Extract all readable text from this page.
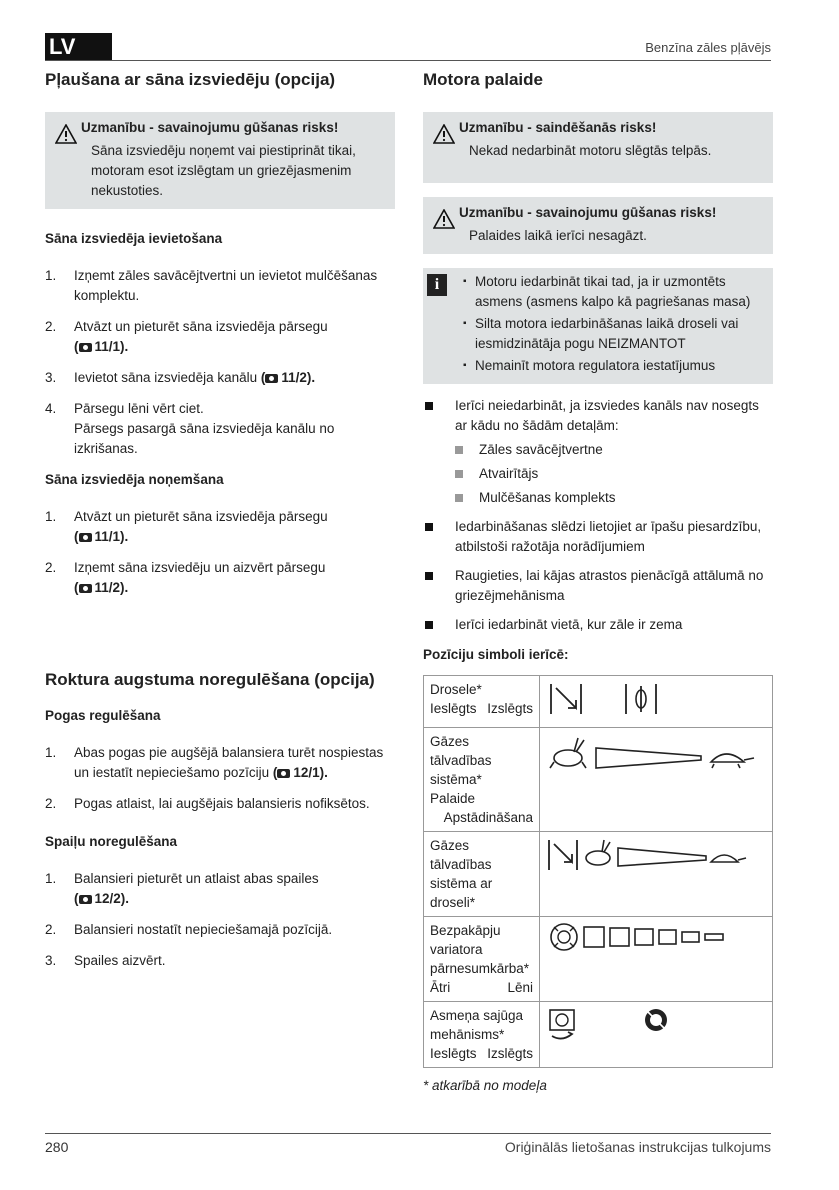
LV	Benzīna zāles pļāvējs
Pļaušana ar sāna izsviedēju (opcija)
Uzmanību - savainojumu gūšanas risks!
Sāna izsviedēju noņemt vai piestiprināt tikai, motoram esot izslēgtam un griezējasmenim nekustoties.
Sāna izsviedēja ievietošana
1. Izņemt zāles savācējtvertni un ievietot mulčēšanas komplektu.
2. Atvāzt un pieturēt sāna izsviedēja pārsegu
( 11/1).
3. Ievietot sāna izsviedēja kanālu ( 11/2).
4. Pārsegu lēni vērt ciet.
Pārsegs pasargā sāna izsviedēja kanālu no izkrišanas.
Sāna izsviedēja noņemšana
1. Atvāzt un pieturēt sāna izsviedēja pārsegu
( 11/1).
2. Izņemt sāna izsviedēju un aizvērt pārsegu
( 11/2).
Roktura augstuma noregulēšana (opcija)
Pogas regulēšana
1. Abas pogas pie augšējā balansiera turēt nospiestas un iestatīt nepieciešamo pozīciju ( 12/1).
2. Pogas atlaist, lai augšējais balansieris nofiksētos.
Spaiļu noregulēšana
1. Balansieri pieturēt un atlaist abas spailes
( 12/2).
2. Balansieri nostatīt nepieciešamajā pozīcijā.
3. Spailes aizvērt.
Motora palaide
Uzmanību - saindēšanās risks!
Nekad nedarbināt motoru slēgtās telpās.
Uzmanību - savainojumu gūšanas risks!
Palaides laikā ierīci nesagāzt.
i	▪ Motoru iedarbināt tikai tad, ja ir uzmontēts asmens (asmens kalpo kā pagriešanas masa)
▪ Silta motora iedarbināšanas laikā droseli vai iesmidzinātāja pogu NEIZMANTOT
▪ Nemainīt motora regulatora iestatījumus
Ierīci neiedarbināt, ja izsviedes kanāls nav nosegts ar kādu no šādām detaļām:
Zāles savācējtvertne
Atvairītājs
Mulčēšanas komplekts
Iedarbināšanas slēdzi lietojiet ar īpašu piesardzību, atbilstoši ražotāja norādījumiem
Raugieties, lai kājas atrastos pienācīgā attālumā no griezējmehānisma
Ierīci iedarbināt vietā, kur zāle ir zema
Pozīciju simboli ierīcē:
Drosele*
Ieslēgts Izslēgts

Gāzes tālvadības sistēma*
Palaide
Apstādināšana

Gāzes tālvadības sistēma ar droseli*

Bezpakāpju variatora pārnesumkārba*
Ātri Lēni

Asmeņa sajūga mehānisms*
Ieslēgts Izslēgts

* atkarībā no modeļa
280	Oriģinālās lietošanas instrukcijas tulkojums
